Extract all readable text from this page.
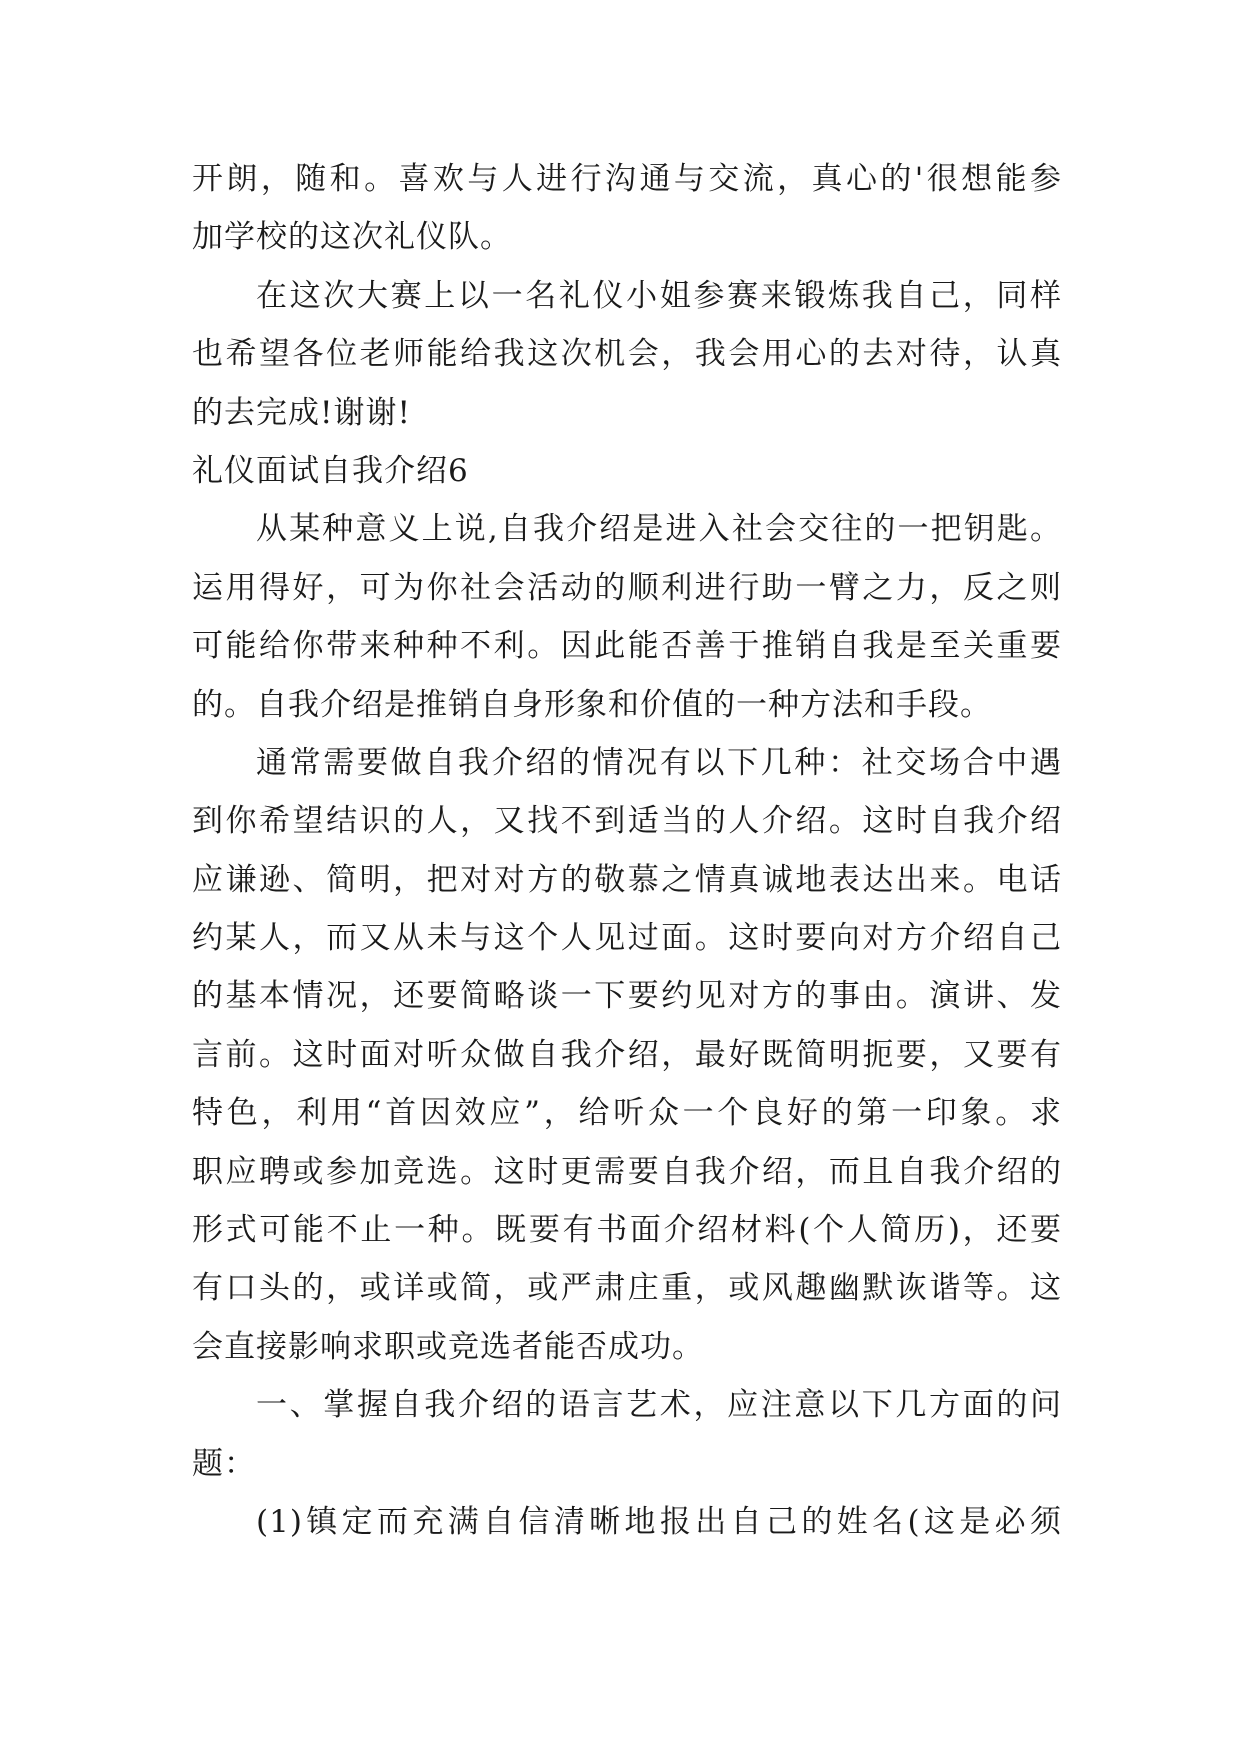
开朗，随和。喜欢与人进行沟通与交流，真心的'很想能参
加学校的这次礼仪队。
在这次大赛上以一名礼仪小姐参赛来锻炼我自己，同样
也希望各位老师能给我这次机会，我会用心的去对待，认真
的去完成!谢谢!
礼仪面试自我介绍6
从某种意义上说,自我介绍是进入社会交往的一把钥匙。
运用得好，可为你社会活动的顺利进行助一臂之力，反之则
可能给你带来种种不利。因此能否善于推销自我是至关重要
的。自我介绍是推销自身形象和价值的一种方法和手段。
通常需要做自我介绍的情况有以下几种：社交场合中遇
到你希望结识的人，又找不到适当的人介绍。这时自我介绍
应谦逊、简明，把对对方的敬慕之情真诚地表达出来。电话
约某人，而又从未与这个人见过面。这时要向对方介绍自己
的基本情况，还要简略谈一下要约见对方的事由。演讲、发
言前。这时面对听众做自我介绍，最好既简明扼要，又要有
特色，利用“首因效应”，给听众一个良好的第一印象。求
职应聘或参加竞选。这时更需要自我介绍，而且自我介绍的
形式可能不止一种。既要有书面介绍材料(个人简历)，还要
有口头的，或详或简，或严肃庄重，或风趣幽默诙谐等。这
会直接影响求职或竞选者能否成功。
一、掌握自我介绍的语言艺术，应注意以下几方面的问
题：
(1)镇定而充满自信清晰地报出自己的姓名(这是必须
